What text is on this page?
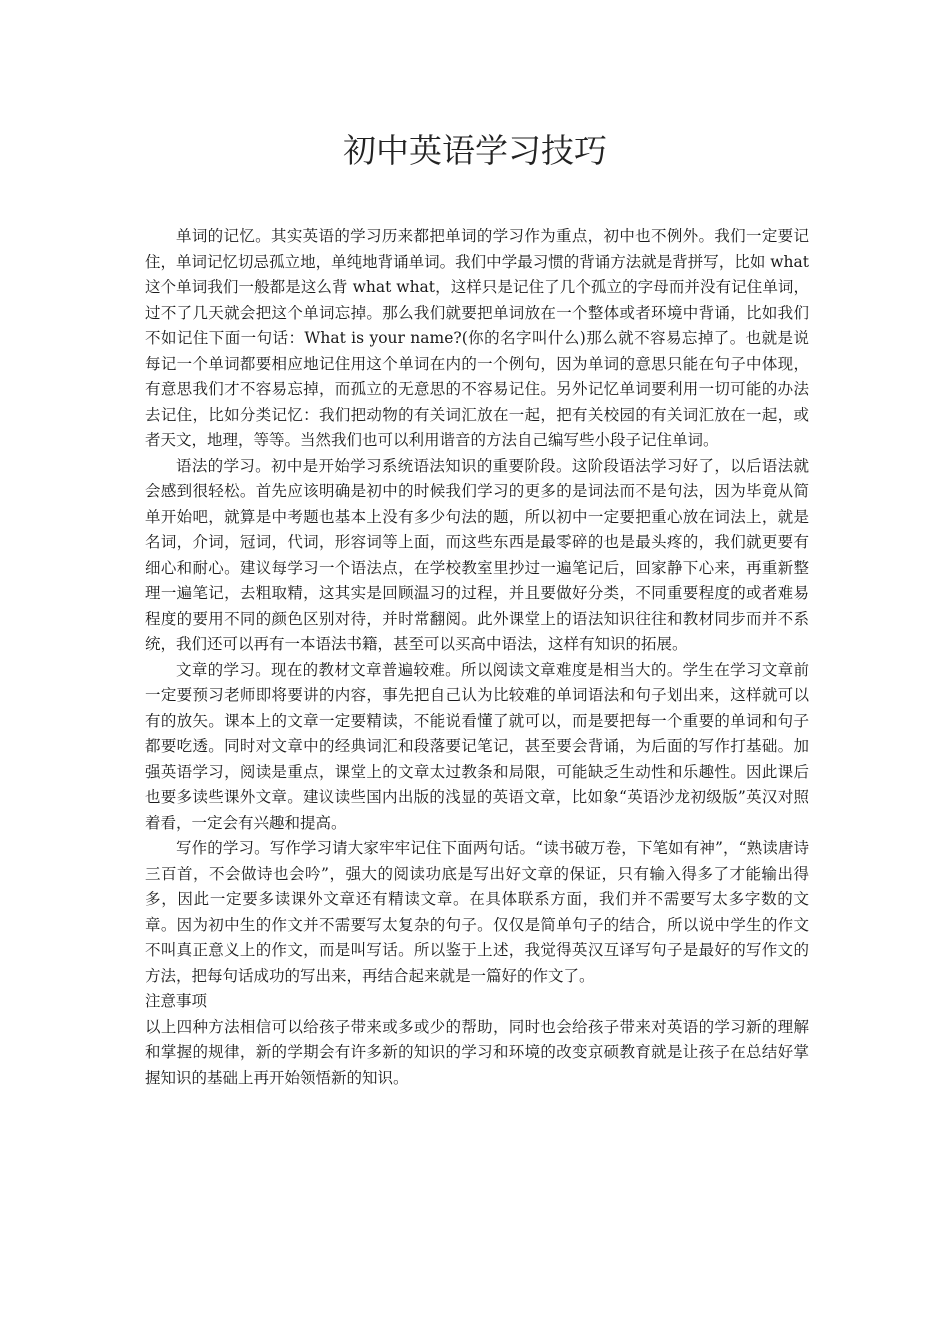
初中英语学习技巧

单词的记忆。其实英语的学习历来都把单词的学习作为重点，初中也不例外。我们一定要记住，单词记忆切忌孤立地，单纯地背诵单词。我们中学最习惯的背诵方法就是背拼写，比如 what 这个单词我们一般都是这么背 what what，这样只是记住了几个孤立的字母而并没有记住单词，过不了几天就会把这个单词忘掉。那么我们就要把单词放在一个整体或者环境中背诵，比如我们不如记住下面一句话：What is your name?(你的名字叫什么)那么就不容易忘掉了。也就是说每记一个单词都要相应地记住用这个单词在内的一个例句，因为单词的意思只能在句子中体现，有意思我们才不容易忘掉，而孤立的无意思的不容易记住。另外记忆单词要利用一切可能的办法去记住，比如分类记忆：我们把动物的有关词汇放在一起，把有关校园的有关词汇放在一起，或者天文，地理，等等。当然我们也可以利用谐音的方法自己编写些小段子记住单词。

语法的学习。初中是开始学习系统语法知识的重要阶段。这阶段语法学习好了，以后语法就会感到很轻松。首先应该明确是初中的时候我们学习的更多的是词法而不是句法，因为毕竟从简单开始吧，就算是中考题也基本上没有多少句法的题，所以初中一定要把重心放在词法上，就是名词，介词，冠词，代词，形容词等上面，而这些东西是最零碎的也是最头疼的，我们就更要有细心和耐心。建议每学习一个语法点，在学校教室里抄过一遍笔记后，回家静下心来，再重新整理一遍笔记，去粗取精，这其实是回顾温习的过程，并且要做好分类，不同重要程度的或者难易程度的要用不同的颜色区别对待，并时常翻阅。此外课堂上的语法知识往往和教材同步而并不系统，我们还可以再有一本语法书籍，甚至可以买高中语法，这样有知识的拓展。

文章的学习。现在的教材文章普遍较难。所以阅读文章难度是相当大的。学生在学习文章前一定要预习老师即将要讲的内容，事先把自己认为比较难的单词语法和句子划出来，这样就可以有的放矢。课本上的文章一定要精读，不能说看懂了就可以，而是要把每一个重要的单词和句子都要吃透。同时对文章中的经典词汇和段落要记笔记，甚至要会背诵，为后面的写作打基础。加强英语学习，阅读是重点，课堂上的文章太过教条和局限，可能缺乏生动性和乐趣性。因此课后也要多读些课外文章。建议读些国内出版的浅显的英语文章，比如象“英语沙龙初级版”英汉对照着看，一定会有兴趣和提高。

写作的学习。写作学习请大家牢牢记住下面两句话。“读书破万卷，下笔如有神”，“熟读唐诗三百首，不会做诗也会吟”，强大的阅读功底是写出好文章的保证，只有输入得多了才能输出得多，因此一定要多读课外文章还有精读文章。在具体联系方面，我们并不需要写太多字数的文章。因为初中生的作文并不需要写太复杂的句子。仅仅是简单句子的结合，所以说中学生的作文不叫真正意义上的作文，而是叫写话。所以鉴于上述，我觉得英汉互译写句子是最好的写作文的方法，把每句话成功的写出来，再结合起来就是一篇好的作文了。

注意事项

以上四种方法相信可以给孩子带来或多或少的帮助，同时也会给孩子带来对英语的学习新的理解和掌握的规律，新的学期会有许多新的知识的学习和环境的改变京硕教育就是让孩子在总结好掌握知识的基础上再开始领悟新的知识。
